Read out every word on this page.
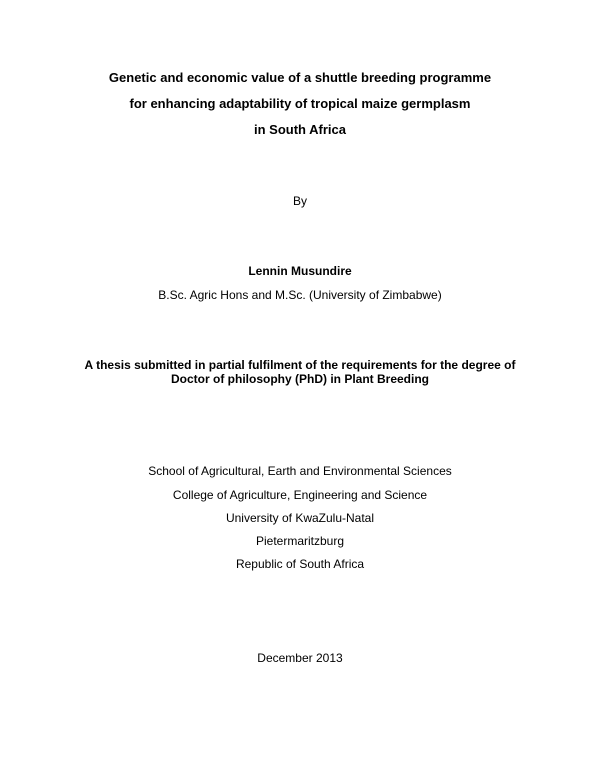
Genetic and economic value of a shuttle breeding programme
for enhancing adaptability of tropical maize germplasm
in South Africa
By
Lennin Musundire
B.Sc. Agric Hons and M.Sc. (University of Zimbabwe)
A thesis submitted in partial fulfilment of the requirements for the degree of
Doctor of philosophy (PhD) in Plant Breeding
School of Agricultural, Earth and Environmental Sciences
College of Agriculture, Engineering and Science
University of KwaZulu-Natal
Pietermaritzburg
Republic of South Africa
December 2013
